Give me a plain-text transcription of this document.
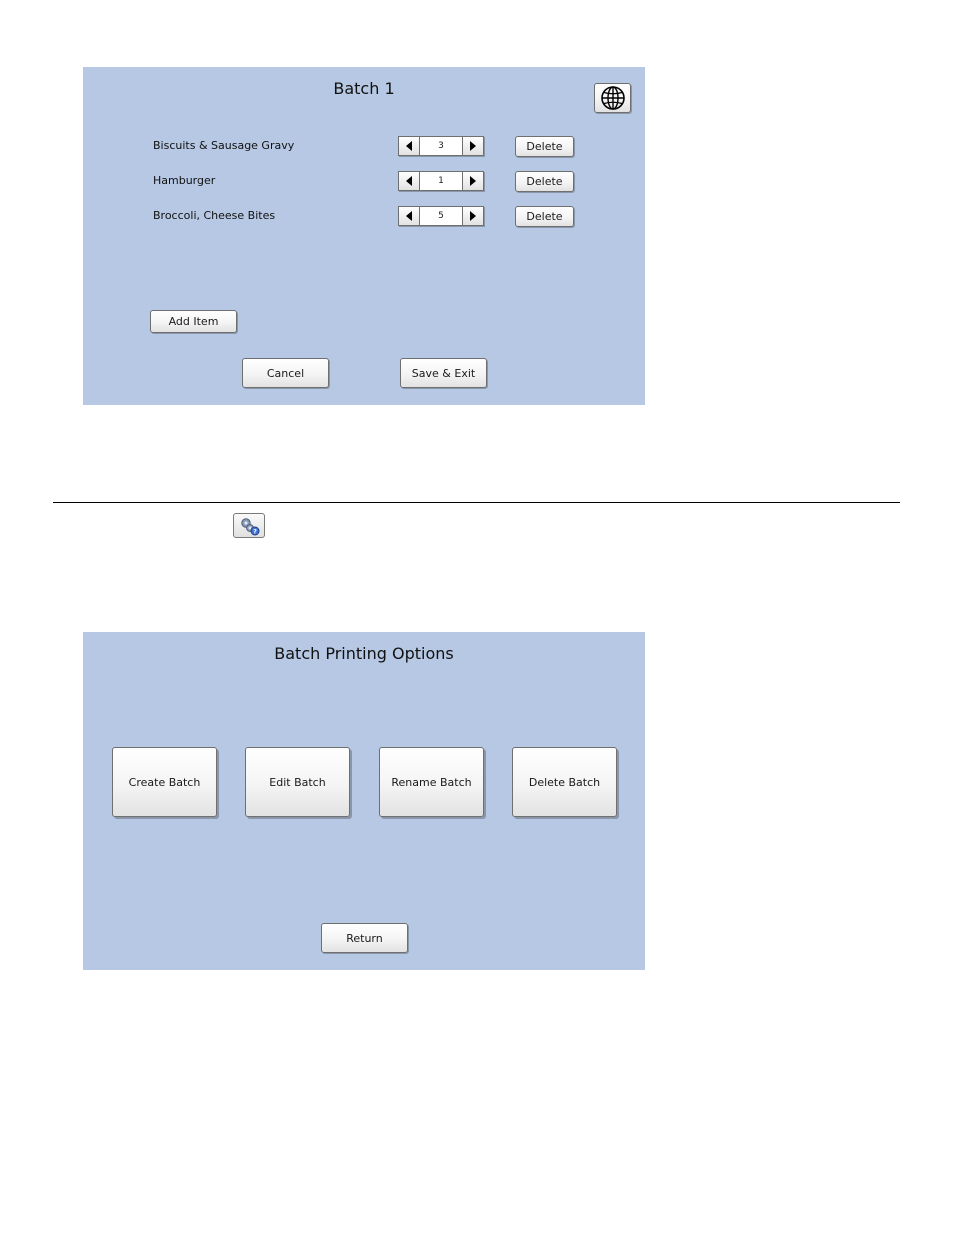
Batch 1
Biscuits & Sausage Gravy	3	Delete
Hamburger	1	Delete
Broccoli, Cheese Bites	5	Delete
Add Item
Cancel	Save & Exit
?
Batch Printing Options
Create Batch	Edit Batch	Rename Batch	Delete Batch
Return
